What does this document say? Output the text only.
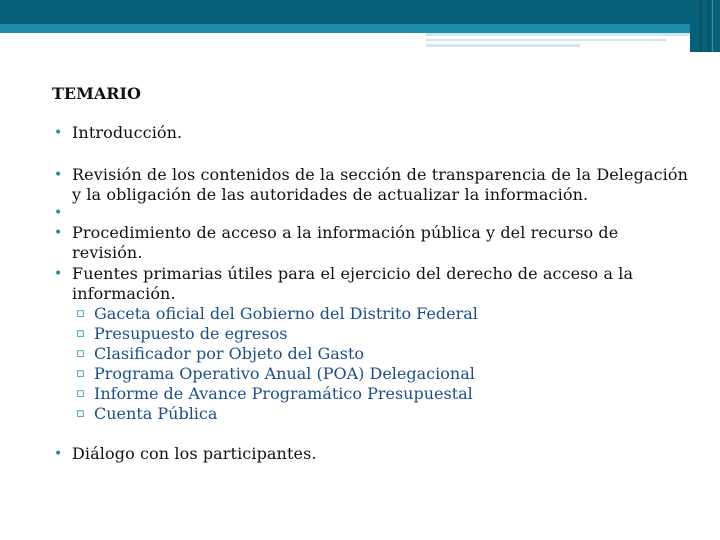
TEMARIO
• Introducción.
• Revisión de los contenidos de la sección de transparencia de la Delegación y la obligación de las autoridades de actualizar la información.
•
• Procedimiento de acceso a la información pública y del recurso de revisión.
• Fuentes primarias útiles para el ejercicio del derecho de acceso a la información.
▫ Gaceta oficial del Gobierno del Distrito Federal
▫ Presupuesto de egresos
▫ Clasificador por Objeto del Gasto
▫ Programa Operativo Anual (POA) Delegacional
▫ Informe de Avance Programático Presupuestal
▫ Cuenta Pública
• Diálogo con los participantes.
